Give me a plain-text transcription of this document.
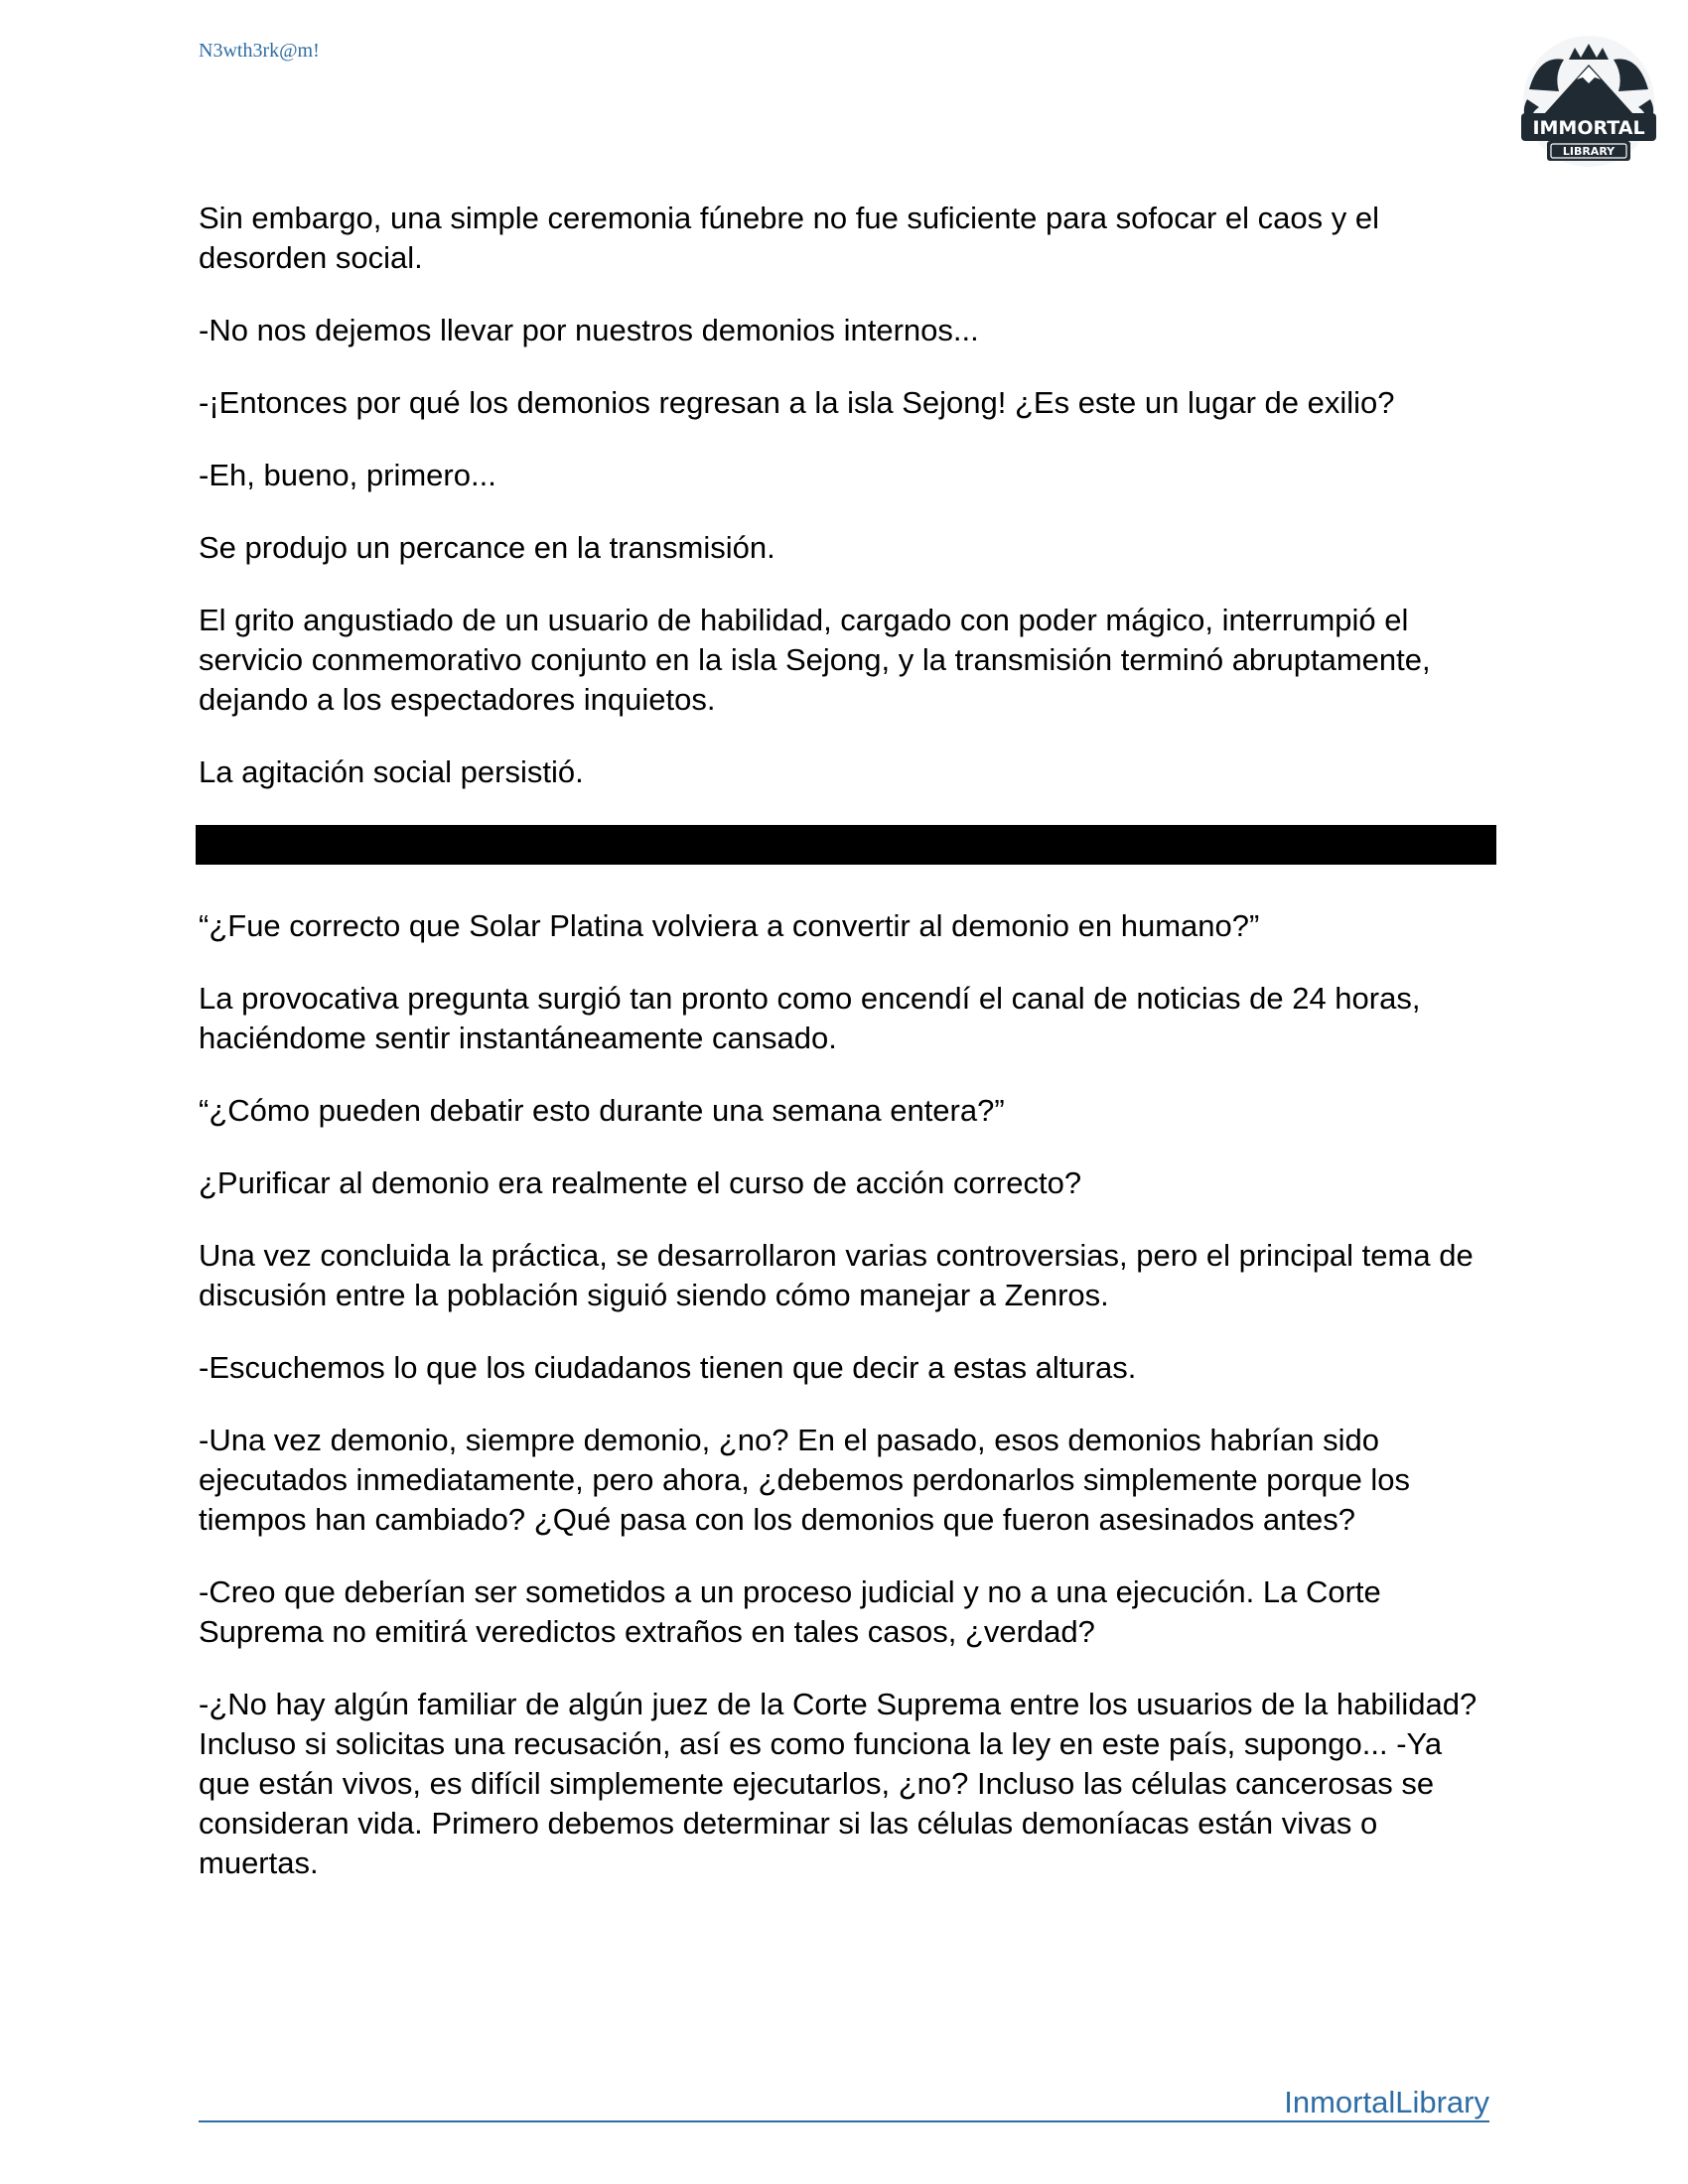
N3wth3rk@m!
IMMORTAL
LIBRARY

Sin embargo, una simple ceremonia fúnebre no fue suficiente para sofocar el caos y el desorden social.

-No nos dejemos llevar por nuestros demonios internos...

-¡Entonces por qué los demonios regresan a la isla Sejong! ¿Es este un lugar de exilio?

-Eh, bueno, primero...

Se produjo un percance en la transmisión.

El grito angustiado de un usuario de habilidad, cargado con poder mágico, interrumpió el servicio conmemorativo conjunto en la isla Sejong, y la transmisión terminó abruptamente, dejando a los espectadores inquietos.

La agitación social persistió.

“¿Fue correcto que Solar Platina volviera a convertir al demonio en humano?”

La provocativa pregunta surgió tan pronto como encendí el canal de noticias de 24 horas, haciéndome sentir instantáneamente cansado.

“¿Cómo pueden debatir esto durante una semana entera?”

¿Purificar al demonio era realmente el curso de acción correcto?

Una vez concluida la práctica, se desarrollaron varias controversias, pero el principal tema de discusión entre la población siguió siendo cómo manejar a Zenros.

-Escuchemos lo que los ciudadanos tienen que decir a estas alturas.

-Una vez demonio, siempre demonio, ¿no? En el pasado, esos demonios habrían sido ejecutados inmediatamente, pero ahora, ¿debemos perdonarlos simplemente porque los tiempos han cambiado? ¿Qué pasa con los demonios que fueron asesinados antes?

-Creo que deberían ser sometidos a un proceso judicial y no a una ejecución. La Corte Suprema no emitirá veredictos extraños en tales casos, ¿verdad?

-¿No hay algún familiar de algún juez de la Corte Suprema entre los usuarios de la habilidad? Incluso si solicitas una recusación, así es como funciona la ley en este país, supongo... -Ya que están vivos, es difícil simplemente ejecutarlos, ¿no? Incluso las células cancerosas se consideran vida. Primero debemos determinar si las células demoníacas están vivas o muertas.

InmortalLibrary
